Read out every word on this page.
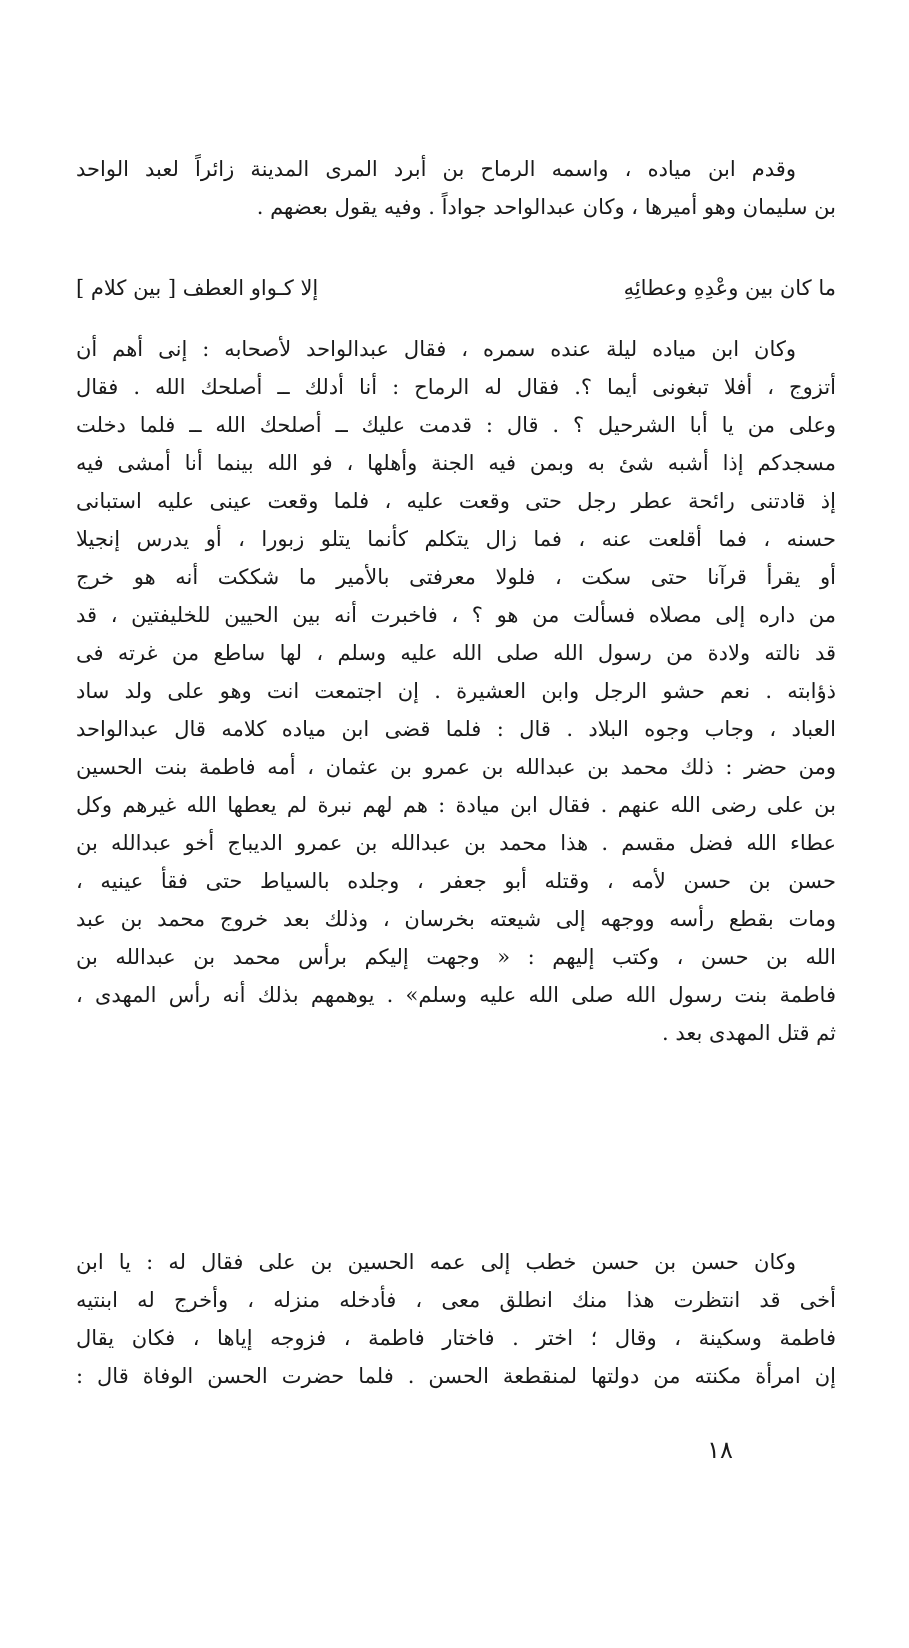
وقدم ابن مياده ، واسمه الرماح بن أبرد المرى المدينة زائراً لعبد الواحد
بن سليمان وهو أميرها ، وكان عبدالواحد جواداً . وفيه يقول بعضهم .
ما كان بين وعْدِهِ وعطائِهِ
إلا كـواو العطف [ بين كلام ]
وكان ابن مياده ليلة عنده سمره ، فقال عبدالواحد لأصحابه : إنى أهم أن
أتزوج ، أفلا تبغونى أيما ؟. فقال له الرماح : أنا أدلك ــ أصلحك الله . فقال
وعلى من يا أبا الشرحيل ؟ . قال : قدمت عليك ــ أصلحك الله ــ فلما دخلت
مسجدكم إذا أشبه شئ به وبمن فيه الجنة وأهلها ، فو الله بينما أنا أمشى فيه
إذ قادتنى رائحة عطر رجل حتى وقعت عليه ، فلما وقعت عينى عليه استبانى
حسنه ، فما أقلعت عنه ، فما زال يتكلم كأنما يتلو زبورا ، أو يدرس إنجيلا
أو يقرأ قرآنا حتى سكت ، فلولا معرفتى بالأمير ما شككت أنه هو خرج
من داره إلى مصلاه فسألت من هو ؟ ، فاخبرت أنه بين الحيين للخليفتين ، قد
قد نالته ولادة من رسول الله صلى الله عليه وسلم ، لها ساطع من غرته فى
ذؤابته . نعم حشو الرجل وابن العشيرة . إن اجتمعت انت وهو على ولد ساد
العباد ، وجاب وجوه البلاد . قال : فلما قضى ابن مياده كلامه قال عبدالواحد
ومن حضر : ذلك محمد بن عبدالله بن عمرو بن عثمان ، أمه فاطمة بنت الحسين
بن على رضى الله عنهم . فقال ابن ميادة : هم لهم نبرة لم يعطها الله غيرهم وكل
عطاء الله فضل مقسم . هذا محمد بن عبدالله بن عمرو الديباج أخو عبدالله بن
حسن بن حسن لأمه ، وقتله أبو جعفر ، وجلده بالسياط حتى فقأ عينيه ،
ومات بقطع رأسه ووجهه إلى شيعته بخرسان ، وذلك بعد خروج محمد بن عبد
الله بن حسن ، وكتب إليهم : « وجهت إليكم برأس محمد بن عبدالله بن
فاطمة بنت رسول الله صلى الله عليه وسلم» . يوهمهم بذلك أنه رأس المهدى ،
ثم قتل المهدى بعد .
وكان حسن بن حسن خطب إلى عمه الحسين بن على فقال له : يا ابن
أخى قد انتظرت هذا منك انطلق معى ، فأدخله منزله ، وأخرج له ابنتيه
فاطمة وسكينة ، وقال ؛ اختر . فاختار فاطمة ، فزوجه إياها ، فكان يقال
إن امرأة مكنته من دولتها لمنقطعة الحسن . فلما حضرت الحسن الوفاة قال :
١٨
